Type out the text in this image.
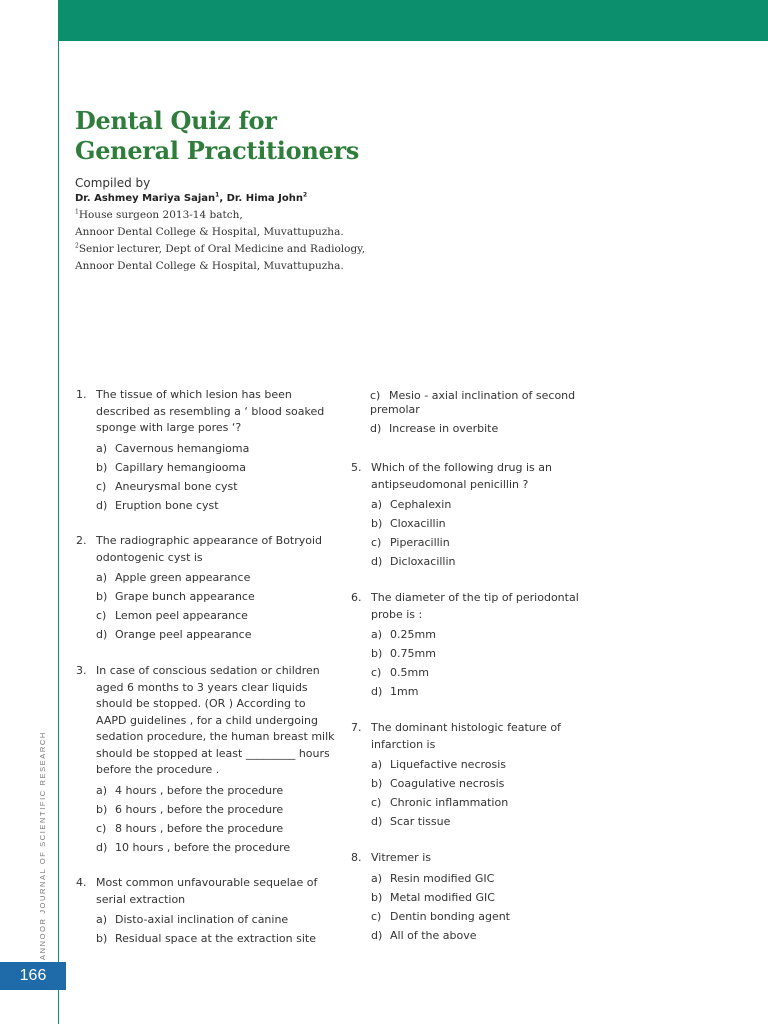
166
ANNOOR JOURNAL OF SCIENTIFIC RESEARCH
Dental Quiz for
General Practitioners
Compiled by
Dr. Ashmey Mariya Sajan$^1$, Dr. Hima John$^2$
$^1$House surgeon 2013-14 batch,
Annoor Dental College & Hospital, Muvattupuzha.
$^2$Senior lecturer, Dept of Oral Medicine and Radiology,
Annoor Dental College & Hospital, Muvattupuzha.
1. The tissue of which lesion has been
described as resembling a ‘ blood soaked
sponge with large pores ‘?
a) Cavernous hemangioma
b) Capillary hemangiooma
c) Aneurysmal bone cyst
d) Eruption bone cyst
2. The radiographic appearance of Botryoid
odontogenic cyst is
a) Apple green appearance
b) Grape bunch appearance
c) Lemon peel appearance
d) Orange peel appearance
3. In case of conscious sedation or children
aged 6 months to 3 years clear liquids
should be stopped. (OR ) According to
AAPD guidelines , for a child undergoing
sedation procedure, the human breast milk
should be stopped at least _________ hours
before the procedure .
a) 4 hours , before the procedure
b) 6 hours , before the procedure
c) 8 hours , before the procedure
d) 10 hours , before the procedure
4. Most common unfavourable sequelae of
serial extraction
a) Disto-axial inclination of canine
b) Residual space at the extraction site
c) Mesio - axial inclination of second
premolar
d) Increase in overbite
5. Which of the following drug is an
antipseudomonal penicillin ?
a) Cephalexin
b) Cloxacillin
c) Piperacillin
d) Dicloxacillin
6. The diameter of the tip of periodontal
probe is :
a) 0.25mm
b) 0.75mm
c) 0.5mm
d) 1mm
7. The dominant histologic feature of
infarction is
a) Liquefactive necrosis
b) Coagulative necrosis
c) Chronic inflammation
d) Scar tissue
8. Vitremer is
a) Resin modified GIC
b) Metal modified GIC
c) Dentin bonding agent
d) All of the above
